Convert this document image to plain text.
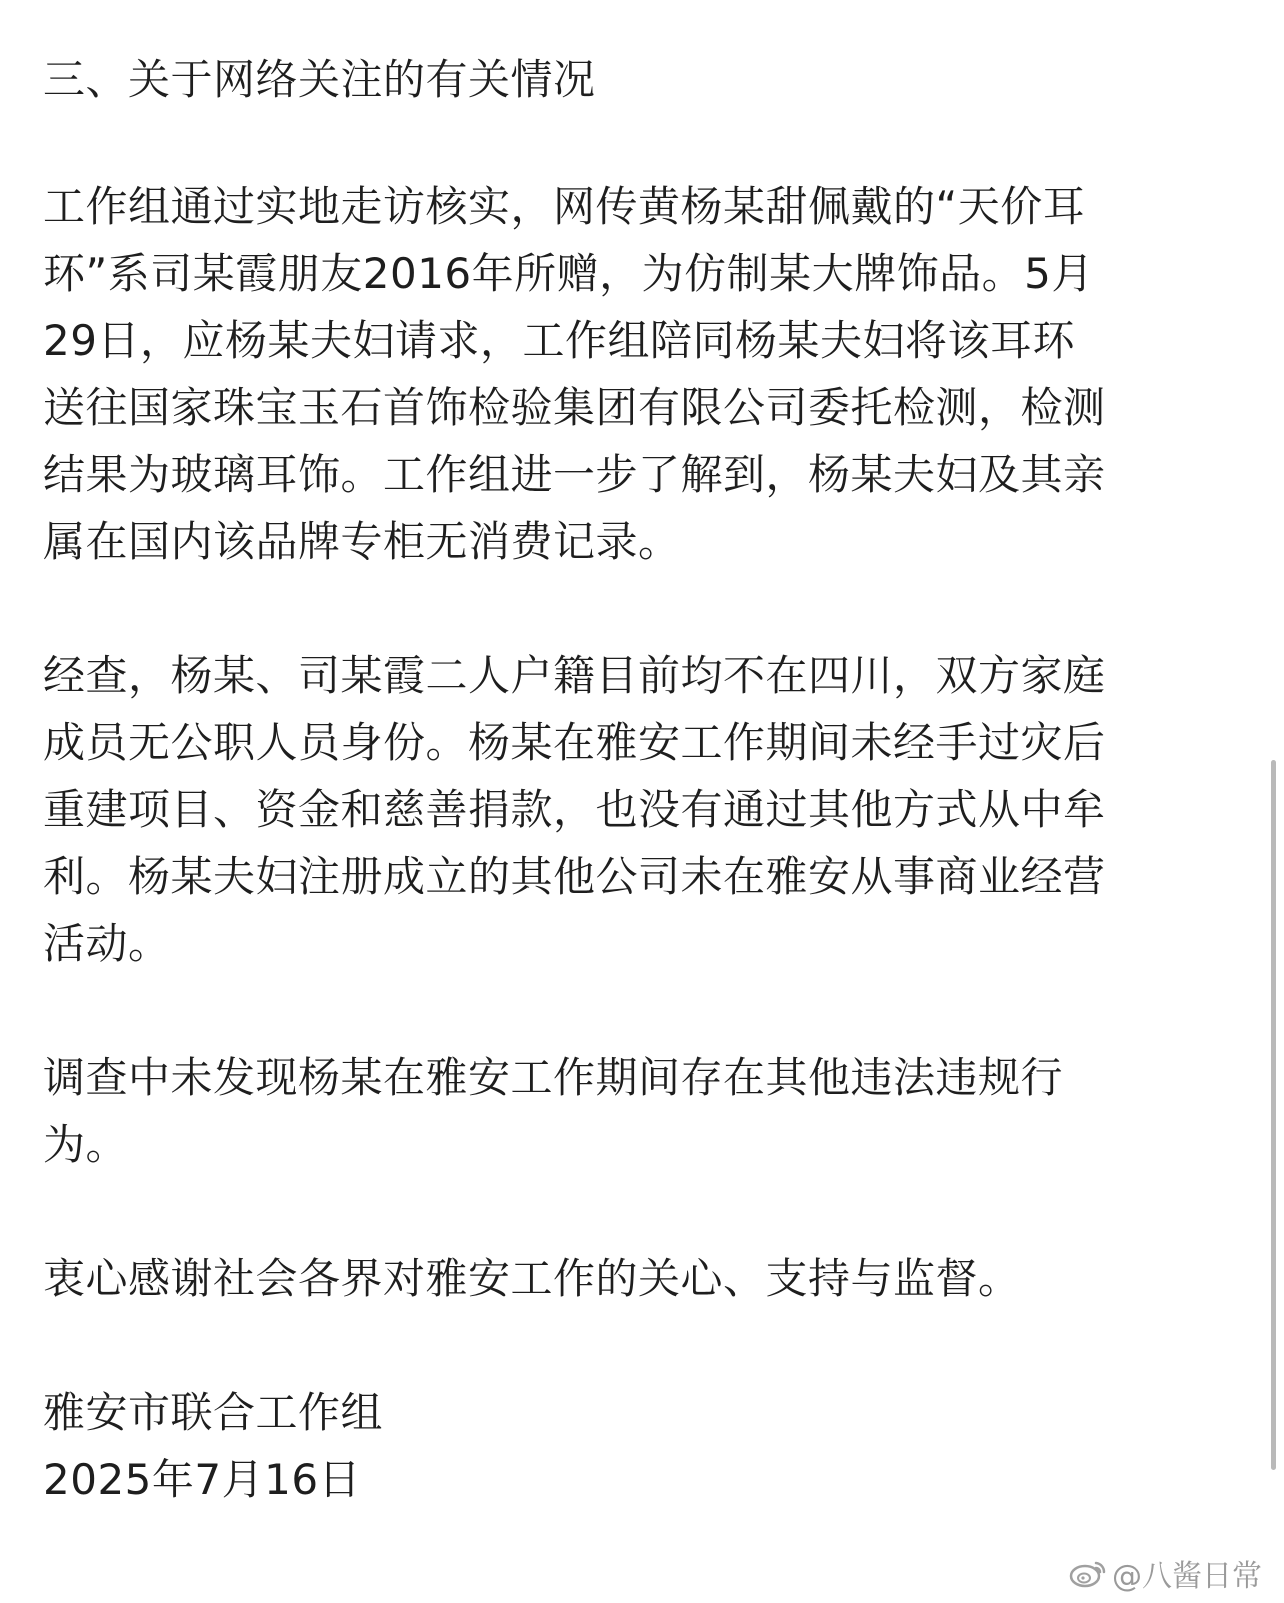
三、关于网络关注的有关情况
工作组通过实地走访核实，网传黄杨某甜佩戴的“天价耳
环”系司某霞朋友2016年所赠，为仿制某大牌饰品。5月
29日，应杨某夫妇请求，工作组陪同杨某夫妇将该耳环
送往国家珠宝玉石首饰检验集团有限公司委托检测，检测
结果为玻璃耳饰。工作组进一步了解到，杨某夫妇及其亲
属在国内该品牌专柜无消费记录。
经查，杨某、司某霞二人户籍目前均不在四川，双方家庭
成员无公职人员身份。杨某在雅安工作期间未经手过灾后
重建项目、资金和慈善捐款，也没有通过其他方式从中牟
利。杨某夫妇注册成立的其他公司未在雅安从事商业经营
活动。
调查中未发现杨某在雅安工作期间存在其他违法违规行
为。
衷心感谢社会各界对雅安工作的关心、支持与监督。
雅安市联合工作组
2025年7月16日
@八酱日常
